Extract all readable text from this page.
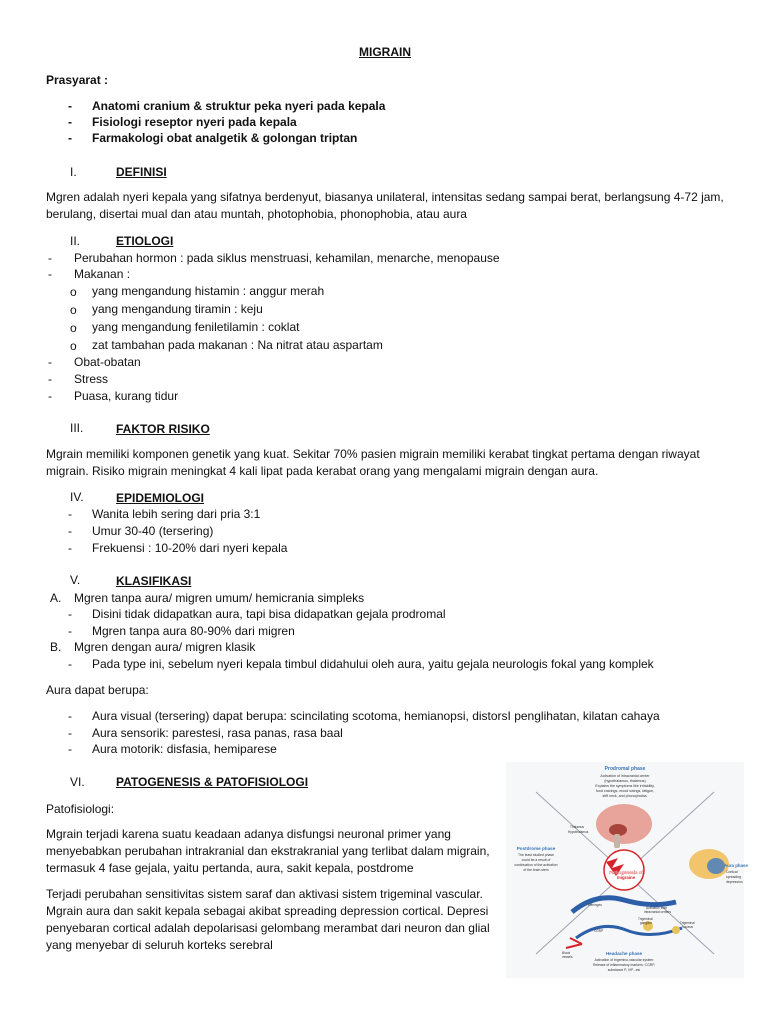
MIGRAIN
Prasyarat :
- Anatomi cranium & struktur peka nyeri pada kepala
- Fisiologi reseptor nyeri pada kepala
- Farmakologi obat analgetik & golongan triptan
I.	DEFINISI
Mgren adalah nyeri kepala yang sifatnya berdenyut, biasanya unilateral, intensitas sedang sampai berat, berlangsung 4-72 jam, berulang, disertai mual dan atau muntah, photophobia, phonophobia, atau aura
II.	ETIOLOGI
- Perubahan hormon : pada siklus menstruasi, kehamilan, menarche, menopause
- Makanan :
o yang mengandung histamin : anggur merah
o yang mengandung tiramin : keju
o yang mengandung feniletilamin : coklat
o zat tambahan pada makanan : Na nitrat atau aspartam
- Obat-obatan
- Stress
- Puasa, kurang tidur
III.	FAKTOR RISIKO
Mgrain memiliki komponen genetik yang kuat. Sekitar 70% pasien migrain memiliki kerabat tingkat pertama dengan riwayat migrain. Risiko migrain meningkat 4 kali lipat pada kerabat orang yang mengalami migrain dengan aura.
IV.	EPIDEMIOLOGI
- Wanita lebih sering dari pria 3:1
- Umur 30-40 (tersering)
- Frekuensi : 10-20% dari nyeri kepala
V.	KLASIFIKASI
A. Mgren tanpa aura/ migren umum/ hemicrania simpleks
- Disini tidak didapatkan aura, tapi bisa didapatkan gejala prodromal
- Mgren tanpa aura 80-90% dari migren
B. Mgren dengan aura/ migren klasik
- Pada type ini, sebelum nyeri kepala timbul didahului oleh aura, yaitu gejala neurologis fokal yang komplek
Aura dapat berupa:
- Aura visual (tersering) dapat berupa: scincilating scotoma, hemianopsi, distorsI penglihatan, kilatan cahaya
- Aura sensorik: parestesi, rasa panas, rasa baal
- Aura motorik: disfasia, hemiparese
VI.	PATOGENESIS & PATOFISIOLOGI
Patofisiologi:
Mgrain terjadi karena suatu keadaan adanya disfungsi neuronal primer yang menyebabkan perubahan intrakranial dan ekstrakranial yang terlibat dalam migrain, termasuk 4 fase gejala, yaitu pertanda, aura, sakit kepala, postdrome
Terjadi perubahan sensitivitas sistem saraf dan aktivasi sistem trigeminal vascular. Mgrain aura dan sakit kepala sebagai akibat spreading depression cortical. Depresi penyebaran cortical adalah depolarisasi gelombang merambat dari neuron dan glial yang menyebar di seluruh korteks serebral
Prodromal phase
Activation of intracranial center
(hypothalamus, thalamus)
Explains the symptoms like irritability,
food cravings, mood swings, fatigue,
stiff neck, and phonophobia.
Thalamus
Hypothalamus
Postdrome phase
The least studied phase
could be a result of
continuation of the activation
of the brain stem
Aura phase
Cortical
spreading
depression
Pathogenesis of
migraine
Meninges
Activation from
intracranial centers
Trigeminal
ganglion	Trigeminal
nucleus
CGRP
Blood
vessels
Headache phase
Activation of trigemino-vascular system
Release of inflammatory markers: CGRP,
substance P, VIP...etc
